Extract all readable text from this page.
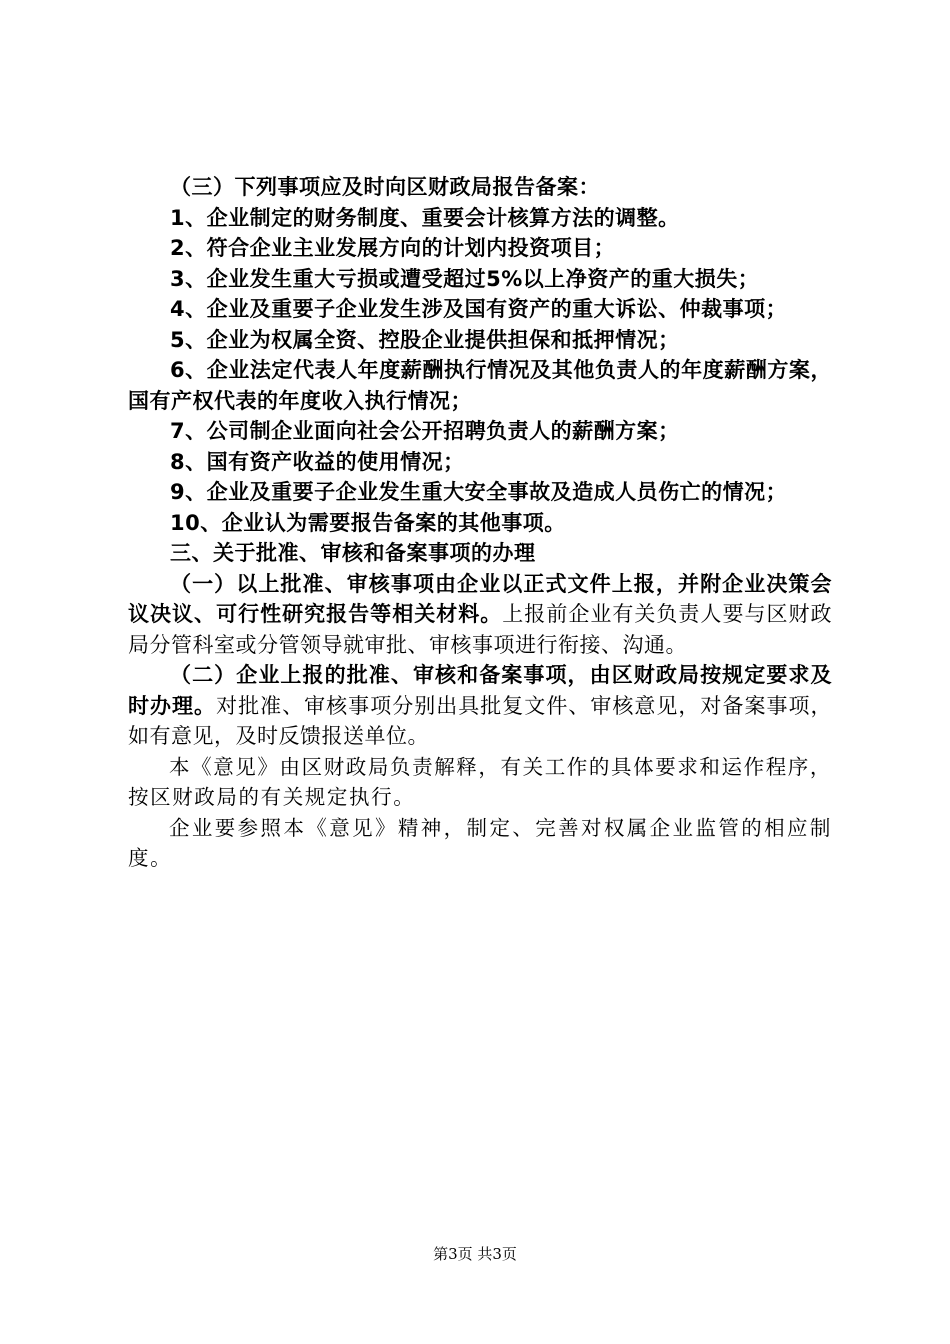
（三）下列事项应及时向区财政局报告备案：

1、企业制定的财务制度、重要会计核算方法的调整。

2、符合企业主业发展方向的计划内投资项目；

3、企业发生重大亏损或遭受超过5%以上净资产的重大损失；

4、企业及重要子企业发生涉及国有资产的重大诉讼、仲裁事项；

5、企业为权属全资、控股企业提供担保和抵押情况；

6、企业法定代表人年度薪酬执行情况及其他负责人的年度薪酬方案，国有产权代表的年度收入执行情况；

7、公司制企业面向社会公开招聘负责人的薪酬方案；

8、国有资产收益的使用情况；

9、企业及重要子企业发生重大安全事故及造成人员伤亡的情况；

10、企业认为需要报告备案的其他事项。

三、关于批准、审核和备案事项的办理

（一）以上批准、审核事项由企业以正式文件上报，并附企业决策会议决议、可行性研究报告等相关材料。上报前企业有关负责人要与区财政局分管科室或分管领导就审批、审核事项进行衔接、沟通。

（二）企业上报的批准、审核和备案事项，由区财政局按规定要求及时办理。对批准、审核事项分别出具批复文件、审核意见，对备案事项，如有意见，及时反馈报送单位。

本《意见》由区财政局负责解释，有关工作的具体要求和运作程序，按区财政局的有关规定执行。

企业要参照本《意见》精神，制定、完善对权属企业监管的相应制度。

第3页 共3页
